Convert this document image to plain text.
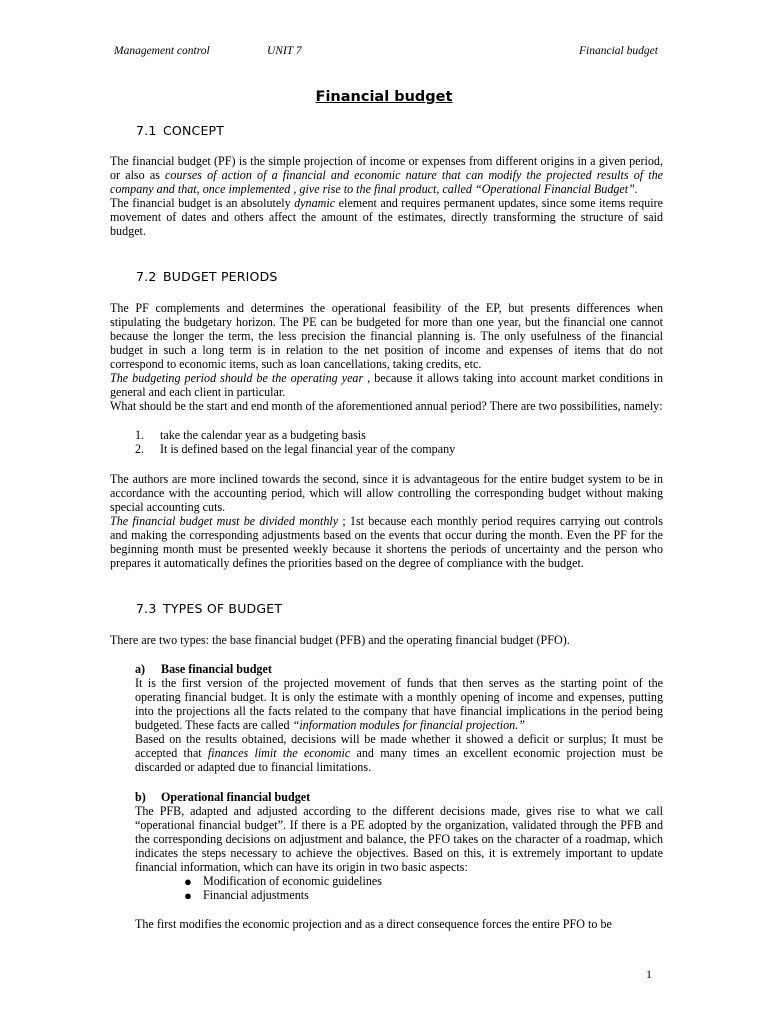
Management control	UNIT 7	Financial budget
Financial budget
7.1 CONCEPT

The financial budget (PF) is the simple projection of income or expenses from different origins in a given period, or also as courses of action of a financial and economic nature that can modify the projected results of the company and that, once implemented , give rise to the final product, called “Operational Financial Budget”.

The financial budget is an absolutely dynamic element and requires permanent updates, since some items require movement of dates and others affect the amount of the estimates, directly transforming the structure of said budget.

7.2 BUDGET PERIODS

The PF complements and determines the operational feasibility of the EP, but presents differences when stipulating the budgetary horizon. The PE can be budgeted for more than one year, but the financial one cannot because the longer the term, the less precision the financial planning is. The only usefulness of the financial budget in such a long term is in relation to the net position of income and expenses of items that do not correspond to economic items, such as loan cancellations, taking credits, etc.

The budgeting period should be the operating year , because it allows taking into account market conditions in general and each client in particular.

What should be the start and end month of the aforementioned annual period? There are two possibilities, namely:

1. take the calendar year as a budgeting basis
2. It is defined based on the legal financial year of the company

The authors are more inclined towards the second, since it is advantageous for the entire budget system to be in accordance with the accounting period, which will allow controlling the corresponding budget without making special accounting cuts.

The financial budget must be divided monthly ; 1st because each monthly period requires carrying out controls and making the corresponding adjustments based on the events that occur during the month. Even the PF for the beginning month must be presented weekly because it shortens the periods of uncertainty and the person who prepares it automatically defines the priorities based on the degree of compliance with the budget.

7.3 TYPES OF BUDGET

There are two types: the base financial budget (PFB) and the operating financial budget (PFO).

a) Base financial budget

It is the first version of the projected movement of funds that then serves as the starting point of the operating financial budget. It is only the estimate with a monthly opening of income and expenses, putting into the projections all the facts related to the company that have financial implications in the period being budgeted. These facts are called “information modules for financial projection.”

Based on the results obtained, decisions will be made whether it showed a deficit or surplus; It must be accepted that finances limit the economic and many times an excellent economic projection must be discarded or adapted due to financial limitations.

b) Operational financial budget

The PFB, adapted and adjusted according to the different decisions made, gives rise to what we call “operational financial budget”. If there is a PE adopted by the organization, validated through the PFB and the corresponding decisions on adjustment and balance, the PFO takes on the character of a roadmap, which indicates the steps necessary to achieve the objectives. Based on this, it is extremely important to update financial information, which can have its origin in two basic aspects:

● Modification of economic guidelines
● Financial adjustments

The first modifies the economic projection and as a direct consequence forces the entire PFO to be

1
